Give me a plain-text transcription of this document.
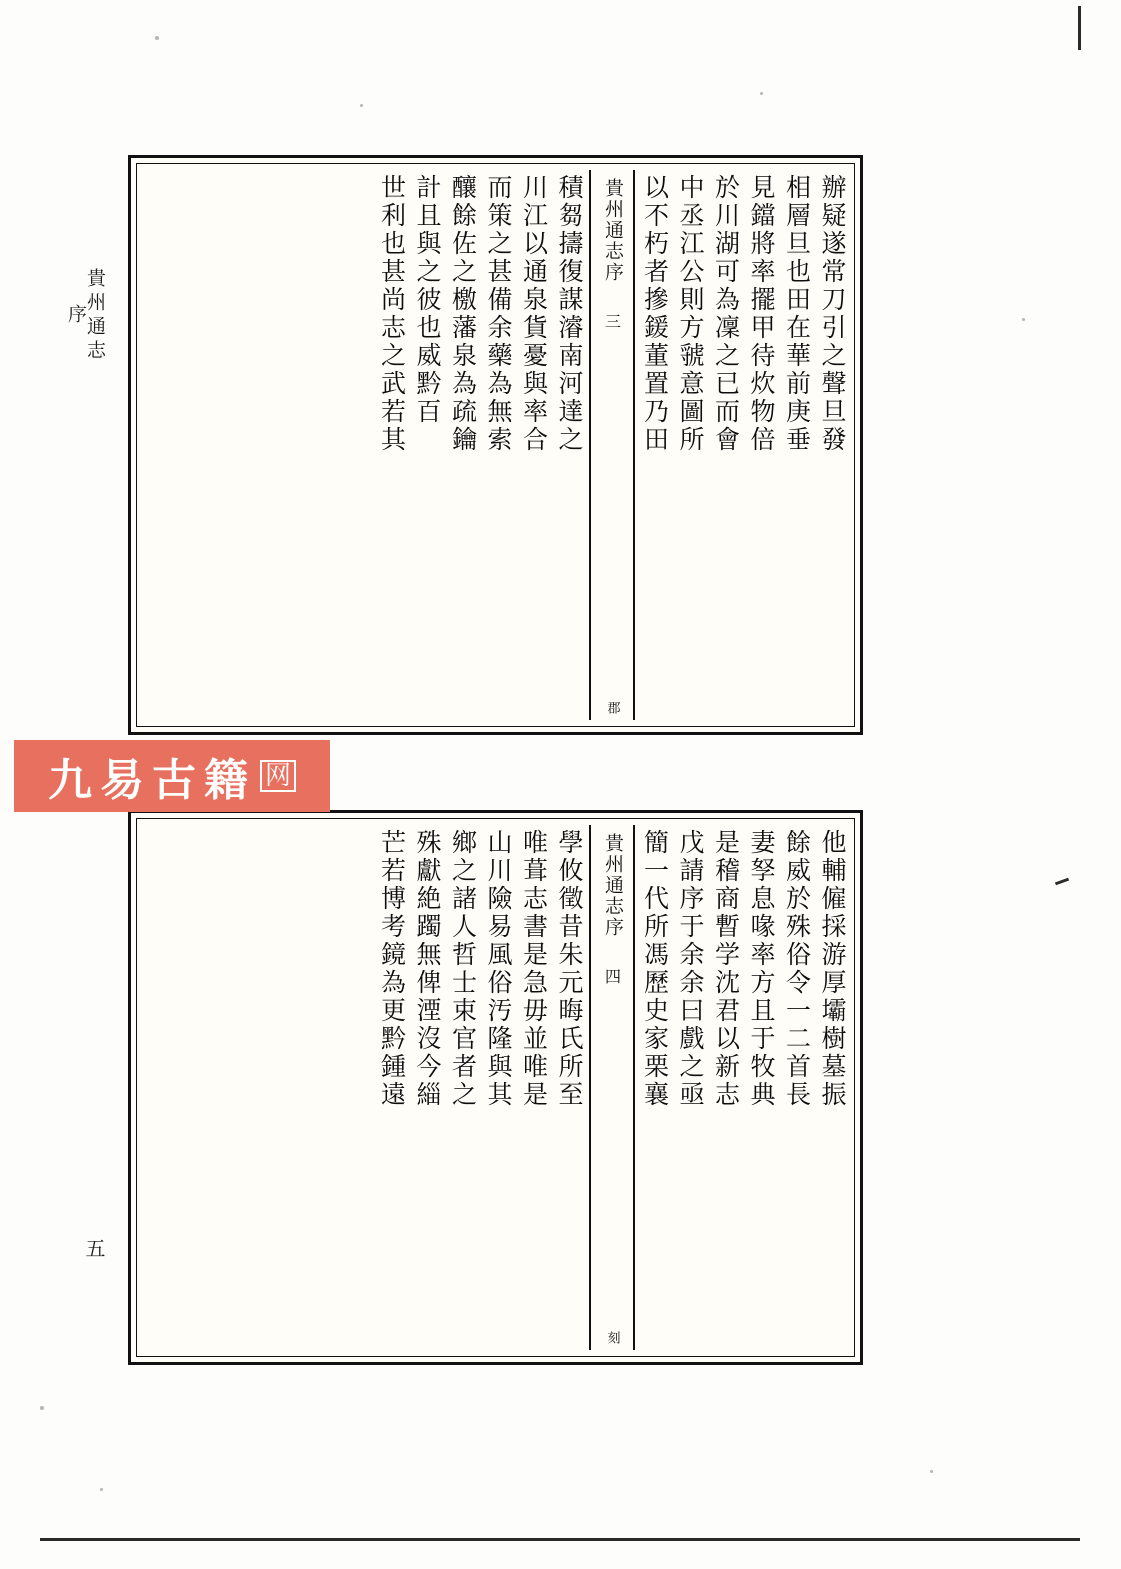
貴州通志
序
五
辦疑遂常刀引之聲旦發
相層旦也田在華前庚垂
見鐺將率擺甲待炊物倍
於川湖可為凜之已而會
中丞江公則方虢意圖所
以不朽者摻鍰董置乃田
貴州通志序
三
郡
積芻擣復謀濬南河達之
川江以通泉貨憂與率合
而策之甚備余藥為無索
釀餘佐之檄藩泉為疏鑰
計且與之彼也威黔百
世利也甚尚志之武若其
他輔僱採游厚壩樹墓振
餘威於殊俗令一二首長
妻孥息喙率方且于牧典
是稽商暫学沈君以新志
戊請序于余余曰戲之亟
簡一代所馮歷史家栗襄
貴州通志序
四
刻
學攸徵昔朱元晦氏所至
唯葺志書是急毋並唯是
山川險易風俗汚隆與其
鄉之諸人哲士束官者之
殊獻絶躅無俾湮沒今緇
芒若博考鏡為更黔鍾遠
九 易 古 籍 网
